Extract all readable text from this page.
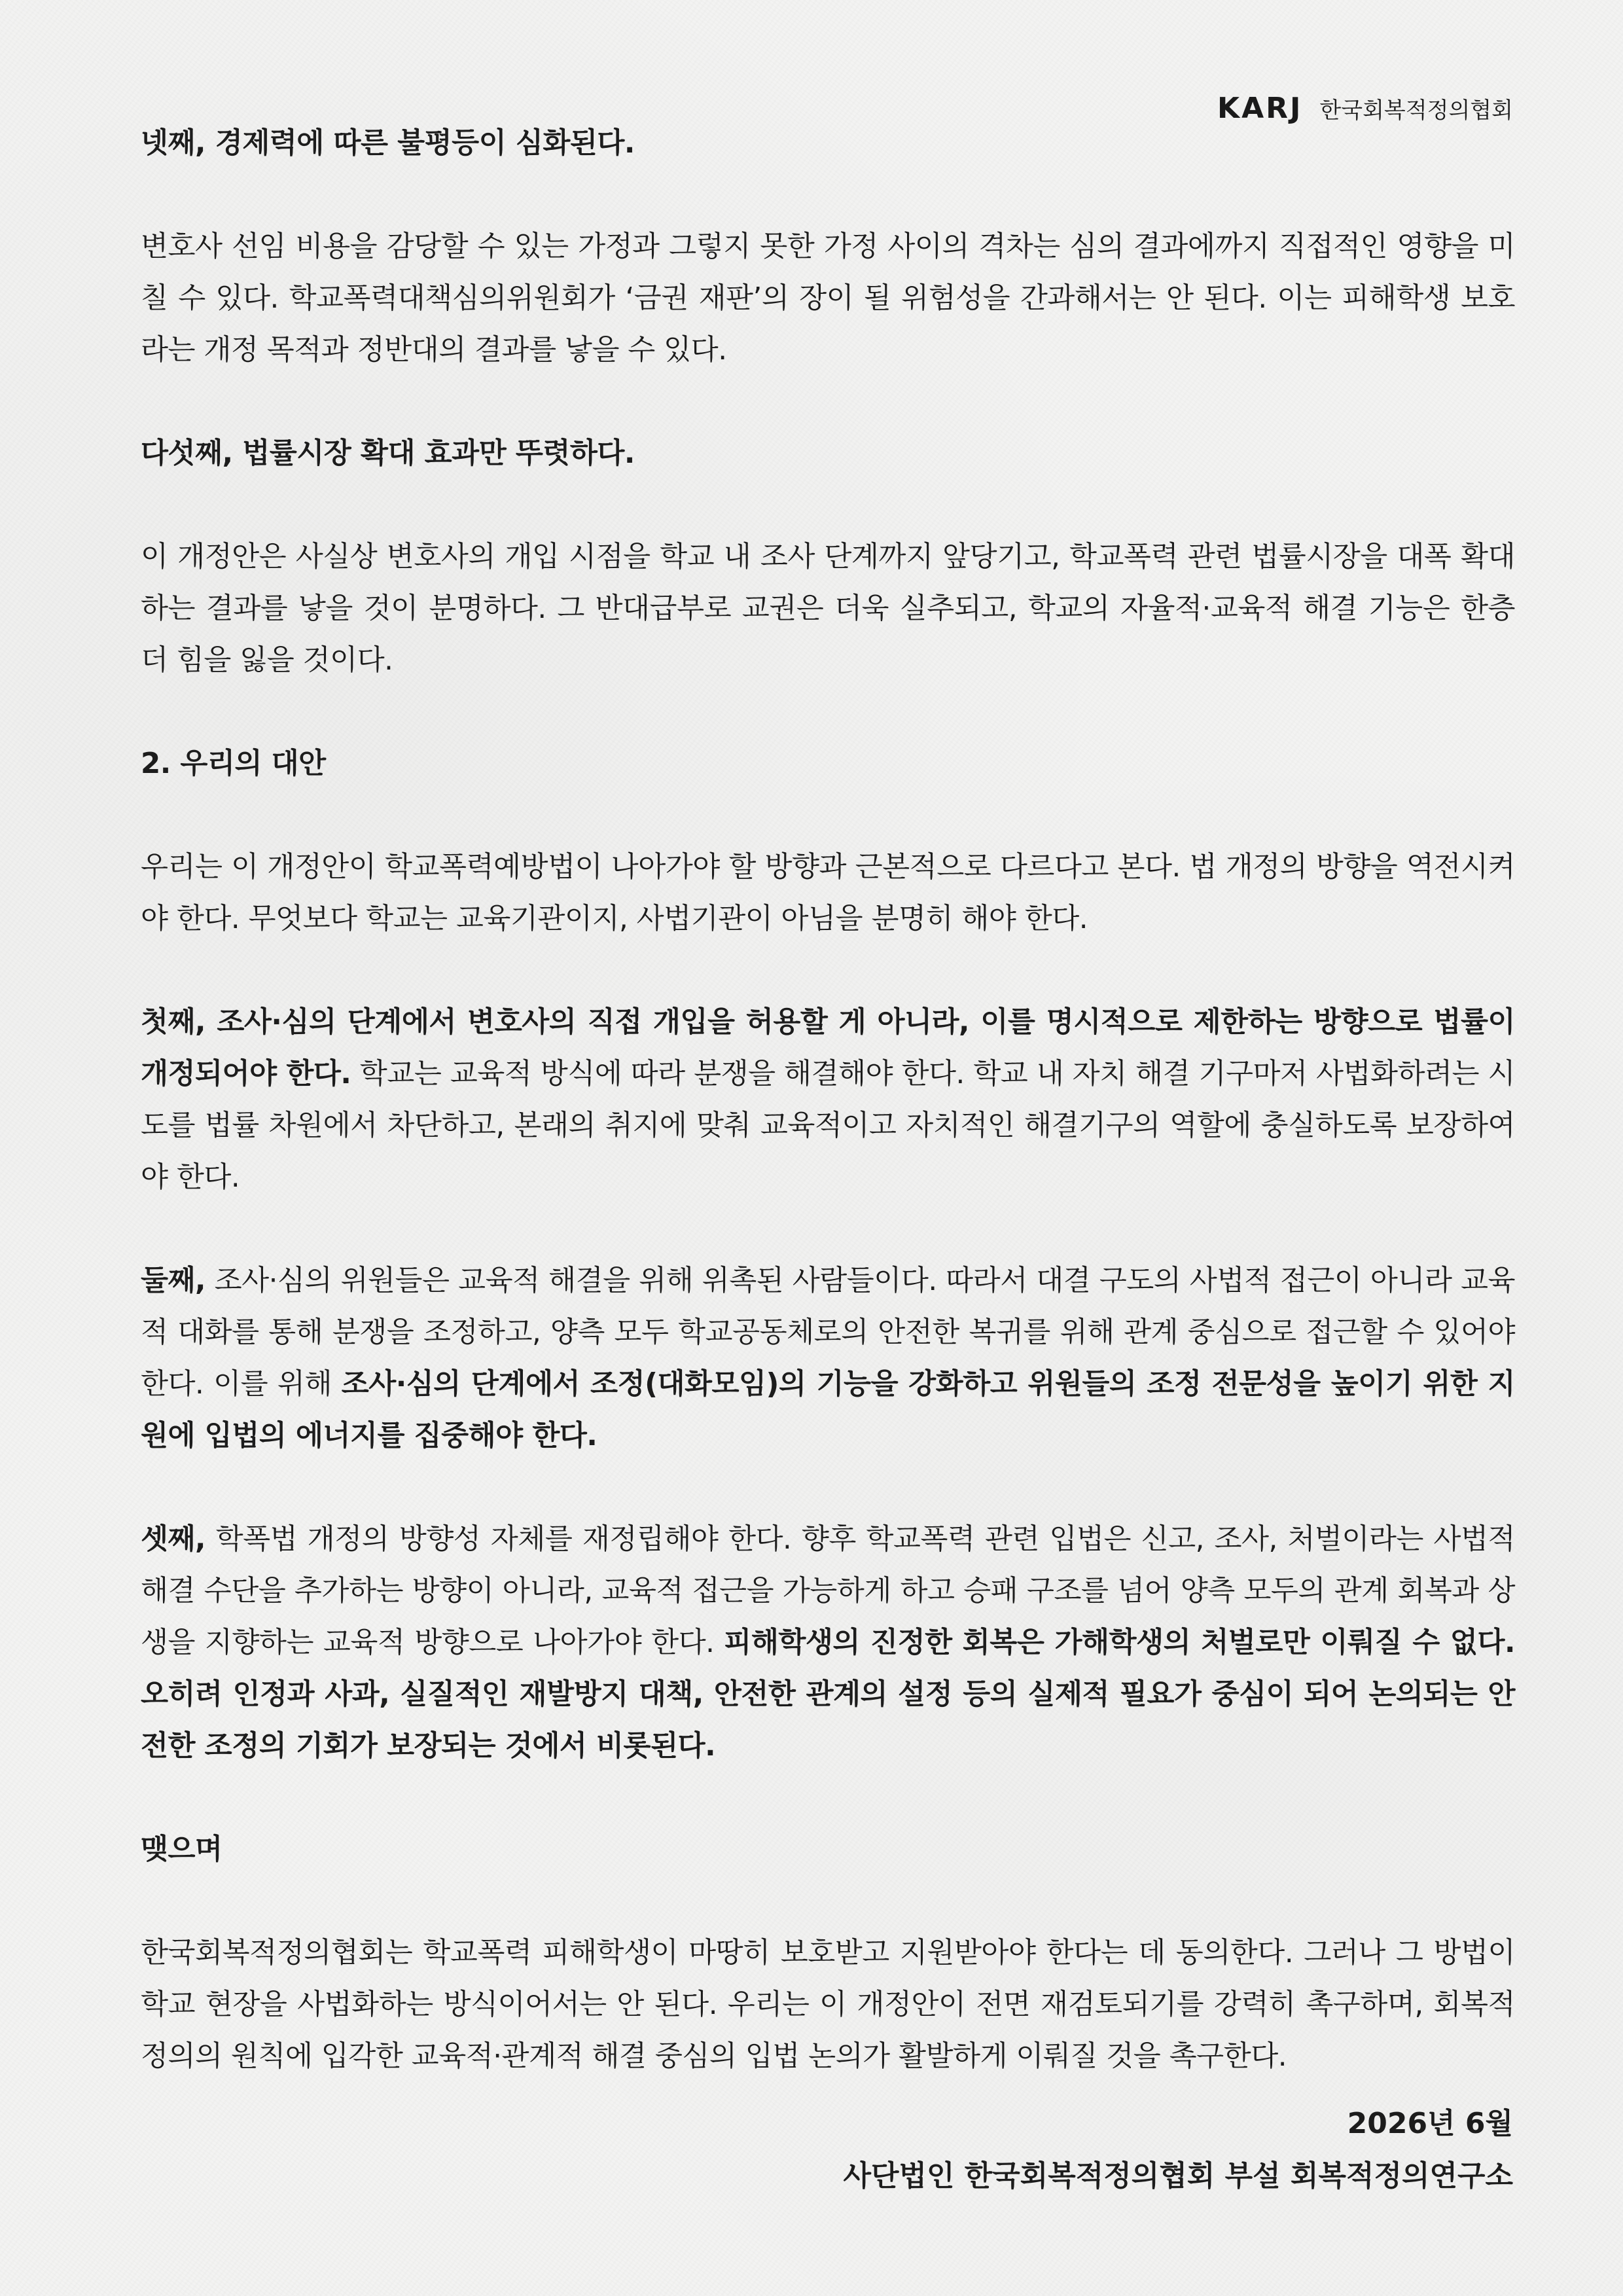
KARJ 한국회복적정의협회

넷째, 경제력에 따른 불평등이 심화된다.

변호사 선임 비용을 감당할 수 있는 가정과 그렇지 못한 가정 사이의 격차는 심의 결과에까지 직접적인 영향을 미칠 수 있다. 학교폭력대책심의위원회가 ‘금권 재판’의 장이 될 위험성을 간과해서는 안 된다. 이는 피해학생 보호라는 개정 목적과 정반대의 결과를 낳을 수 있다.

다섯째, 법률시장 확대 효과만 뚜렷하다.

이 개정안은 사실상 변호사의 개입 시점을 학교 내 조사 단계까지 앞당기고, 학교폭력 관련 법률시장을 대폭 확대하는 결과를 낳을 것이 분명하다. 그 반대급부로 교권은 더욱 실추되고, 학교의 자율적·교육적 해결 기능은 한층 더 힘을 잃을 것이다.

2. 우리의 대안

우리는 이 개정안이 학교폭력예방법이 나아가야 할 방향과 근본적으로 다르다고 본다. 법 개정의 방향을 역전시켜야 한다. 무엇보다 학교는 교육기관이지, 사법기관이 아님을 분명히 해야 한다.

첫째, 조사·심의 단계에서 변호사의 직접 개입을 허용할 게 아니라, 이를 명시적으로 제한하는 방향으로 법률이 개정되어야 한다. 학교는 교육적 방식에 따라 분쟁을 해결해야 한다. 학교 내 자치 해결 기구마저 사법화하려는 시도를 법률 차원에서 차단하고, 본래의 취지에 맞춰 교육적이고 자치적인 해결기구의 역할에 충실하도록 보장하여야 한다.

둘째, 조사·심의 위원들은 교육적 해결을 위해 위촉된 사람들이다. 따라서 대결 구도의 사법적 접근이 아니라 교육적 대화를 통해 분쟁을 조정하고, 양측 모두 학교공동체로의 안전한 복귀를 위해 관계 중심으로 접근할 수 있어야 한다. 이를 위해 조사·심의 단계에서 조정(대화모임)의 기능을 강화하고 위원들의 조정 전문성을 높이기 위한 지원에 입법의 에너지를 집중해야 한다.

셋째, 학폭법 개정의 방향성 자체를 재정립해야 한다. 향후 학교폭력 관련 입법은 신고, 조사, 처벌이라는 사법적 해결 수단을 추가하는 방향이 아니라, 교육적 접근을 가능하게 하고 승패 구조를 넘어 양측 모두의 관계 회복과 상생을 지향하는 교육적 방향으로 나아가야 한다. 피해학생의 진정한 회복은 가해학생의 처벌로만 이뤄질 수 없다. 오히려 인정과 사과, 실질적인 재발방지 대책, 안전한 관계의 설정 등의 실제적 필요가 중심이 되어 논의되는 안전한 조정의 기회가 보장되는 것에서 비롯된다.

맺으며

한국회복적정의협회는 학교폭력 피해학생이 마땅히 보호받고 지원받아야 한다는 데 동의한다. 그러나 그 방법이 학교 현장을 사법화하는 방식이어서는 안 된다. 우리는 이 개정안이 전면 재검토되기를 강력히 촉구하며, 회복적 정의의 원칙에 입각한 교육적·관계적 해결 중심의 입법 논의가 활발하게 이뤄질 것을 촉구한다.

2026년 6월
사단법인 한국회복적정의협회 부설 회복적정의연구소
